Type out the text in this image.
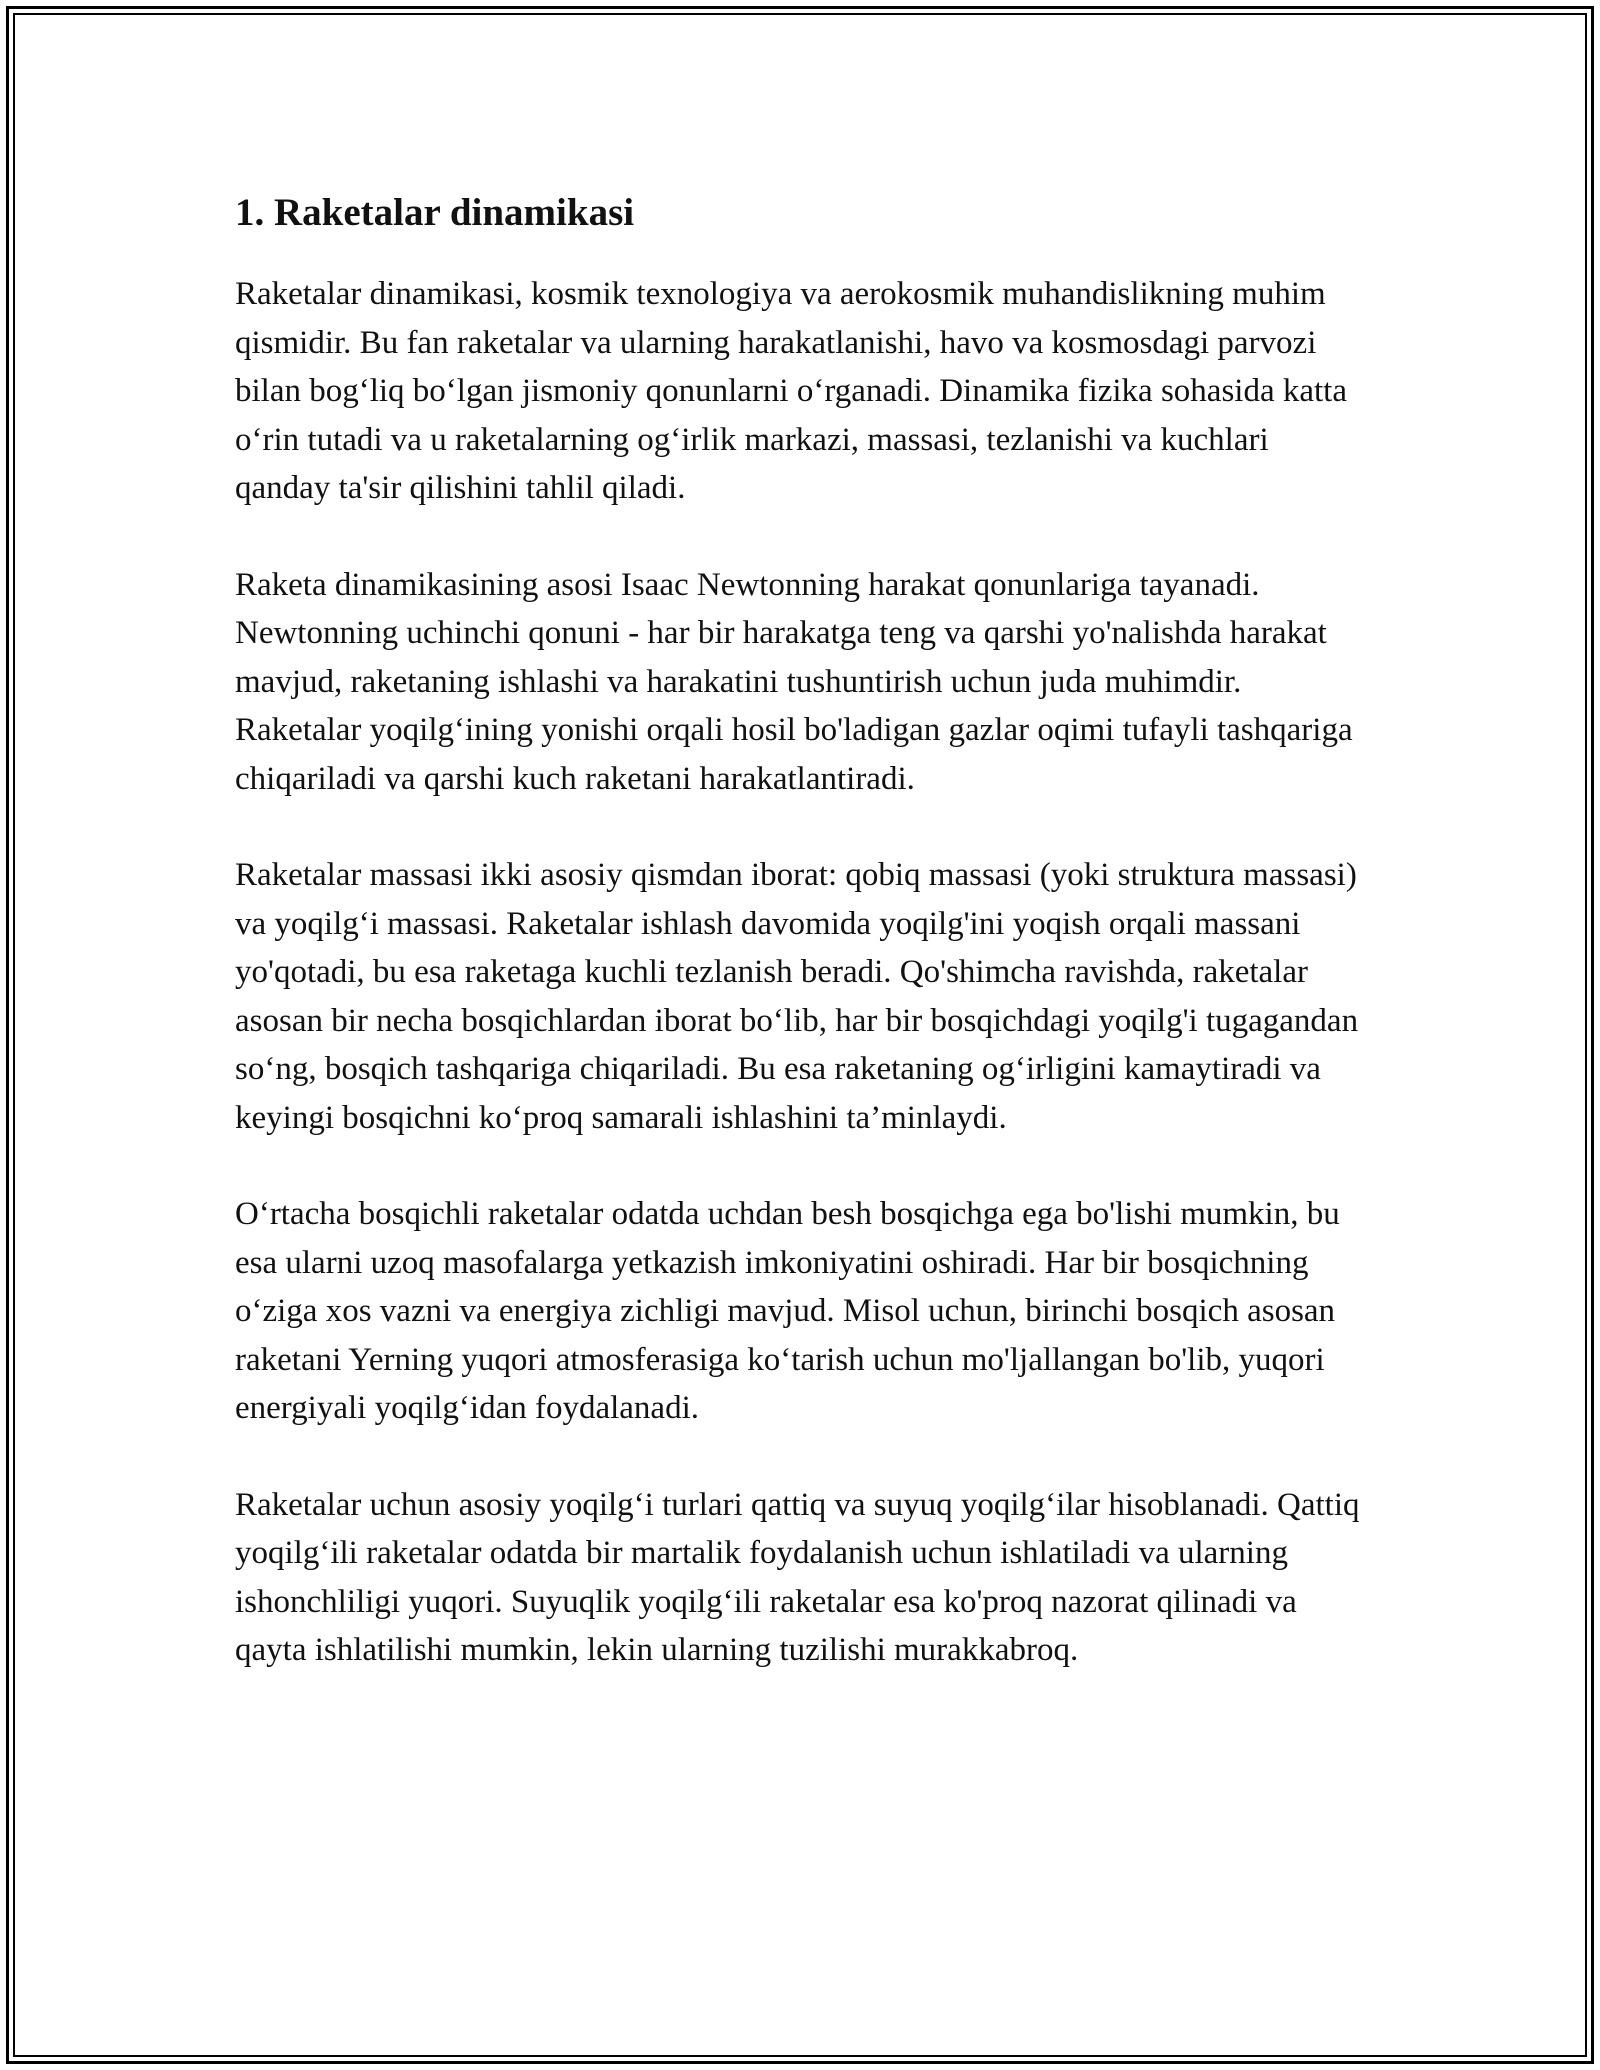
1. Raketalar dinamikasi

Raketalar dinamikasi, kosmik texnologiya va aerokosmik muhandislikning muhim qismidir. Bu fan raketalar va ularning harakatlanishi, havo va kosmosdagi parvozi bilan bog‘liq bo‘lgan jismoniy qonunlarni o‘rganadi. Dinamika fizika sohasida katta o‘rin tutadi va u raketalarning og‘irlik markazi, massasi, tezlanishi va kuchlari qanday ta'sir qilishini tahlil qiladi.

Raketa dinamikasining asosi Isaac Newtonning harakat qonunlariga tayanadi. Newtonning uchinchi qonuni - har bir harakatga teng va qarshi yo'nalishda harakat mavjud, raketaning ishlashi va harakatini tushuntirish uchun juda muhimdir. Raketalar yoqilg‘ining yonishi orqali hosil bo'ladigan gazlar oqimi tufayli tashqariga chiqariladi va qarshi kuch raketani harakatlantiradi.

Raketalar massasi ikki asosiy qismdan iborat: qobiq massasi (yoki struktura massasi) va yoqilg‘i massasi. Raketalar ishlash davomida yoqilg'ini yoqish orqali massani yo'qotadi, bu esa raketaga kuchli tezlanish beradi. Qo'shimcha ravishda, raketalar asosan bir necha bosqichlardan iborat bo‘lib, har bir bosqichdagi yoqilg'i tugagandan so‘ng, bosqich tashqariga chiqariladi. Bu esa raketaning og‘irligini kamaytiradi va keyingi bosqichni ko‘proq samarali ishlashini ta’minlaydi.

O‘rtacha bosqichli raketalar odatda uchdan besh bosqichga ega bo'lishi mumkin, bu esa ularni uzoq masofalarga yetkazish imkoniyatini oshiradi. Har bir bosqichning o‘ziga xos vazni va energiya zichligi mavjud. Misol uchun, birinchi bosqich asosan raketani Yerning yuqori atmosferasiga ko‘tarish uchun mo'ljallangan bo'lib, yuqori energiyali yoqilg‘idan foydalanadi.

Raketalar uchun asosiy yoqilg‘i turlari qattiq va suyuq yoqilg‘ilar hisoblanadi. Qattiq yoqilg‘ili raketalar odatda bir martalik foydalanish uchun ishlatiladi va ularning ishonchliligi yuqori. Suyuqlik yoqilg‘ili raketalar esa ko'proq nazorat qilinadi va qayta ishlatilishi mumkin, lekin ularning tuzilishi murakkabroq.
